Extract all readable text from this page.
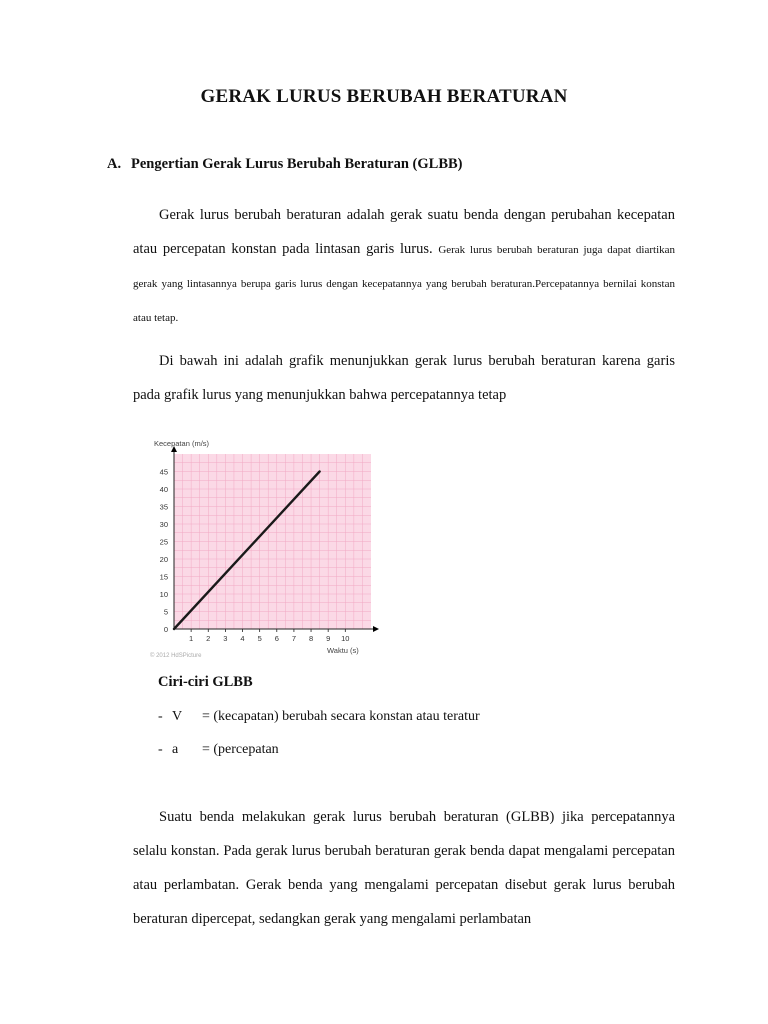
GERAK LURUS BERUBAH BERATURAN
A. Pengertian Gerak Lurus Berubah Beraturan (GLBB)
Gerak lurus berubah beraturan adalah gerak suatu benda dengan perubahan kecepatan atau percepatan konstan pada lintasan garis lurus. Gerak lurus berubah beraturan juga dapat diartikan gerak yang lintasannya berupa garis lurus dengan kecepatannya yang berubah beraturan.Percepatannya bernilai konstan atau tetap.
Di bawah ini adalah grafik menunjukkan gerak lurus berubah beraturan karena garis pada grafik lurus yang menunjukkan bahwa percepatannya tetap
0
5
10
15
20
25
30
35
40
45
1 2 3 4 5 6 7 8 9 10
Kecepatan (m/s)
Waktu (s)
© 2012 HdSPicture
Ciri-ciri GLBB
- V = (kecapatan) berubah secara konstan atau teratur
- a = (percepatan
Suatu benda melakukan gerak lurus berubah beraturan (GLBB) jika percepatannya selalu konstan. Pada gerak lurus berubah beraturan gerak benda dapat mengalami percepatan atau perlambatan. Gerak benda yang mengalami percepatan disebut gerak lurus berubah beraturan dipercepat, sedangkan gerak yang mengalami perlambatan
